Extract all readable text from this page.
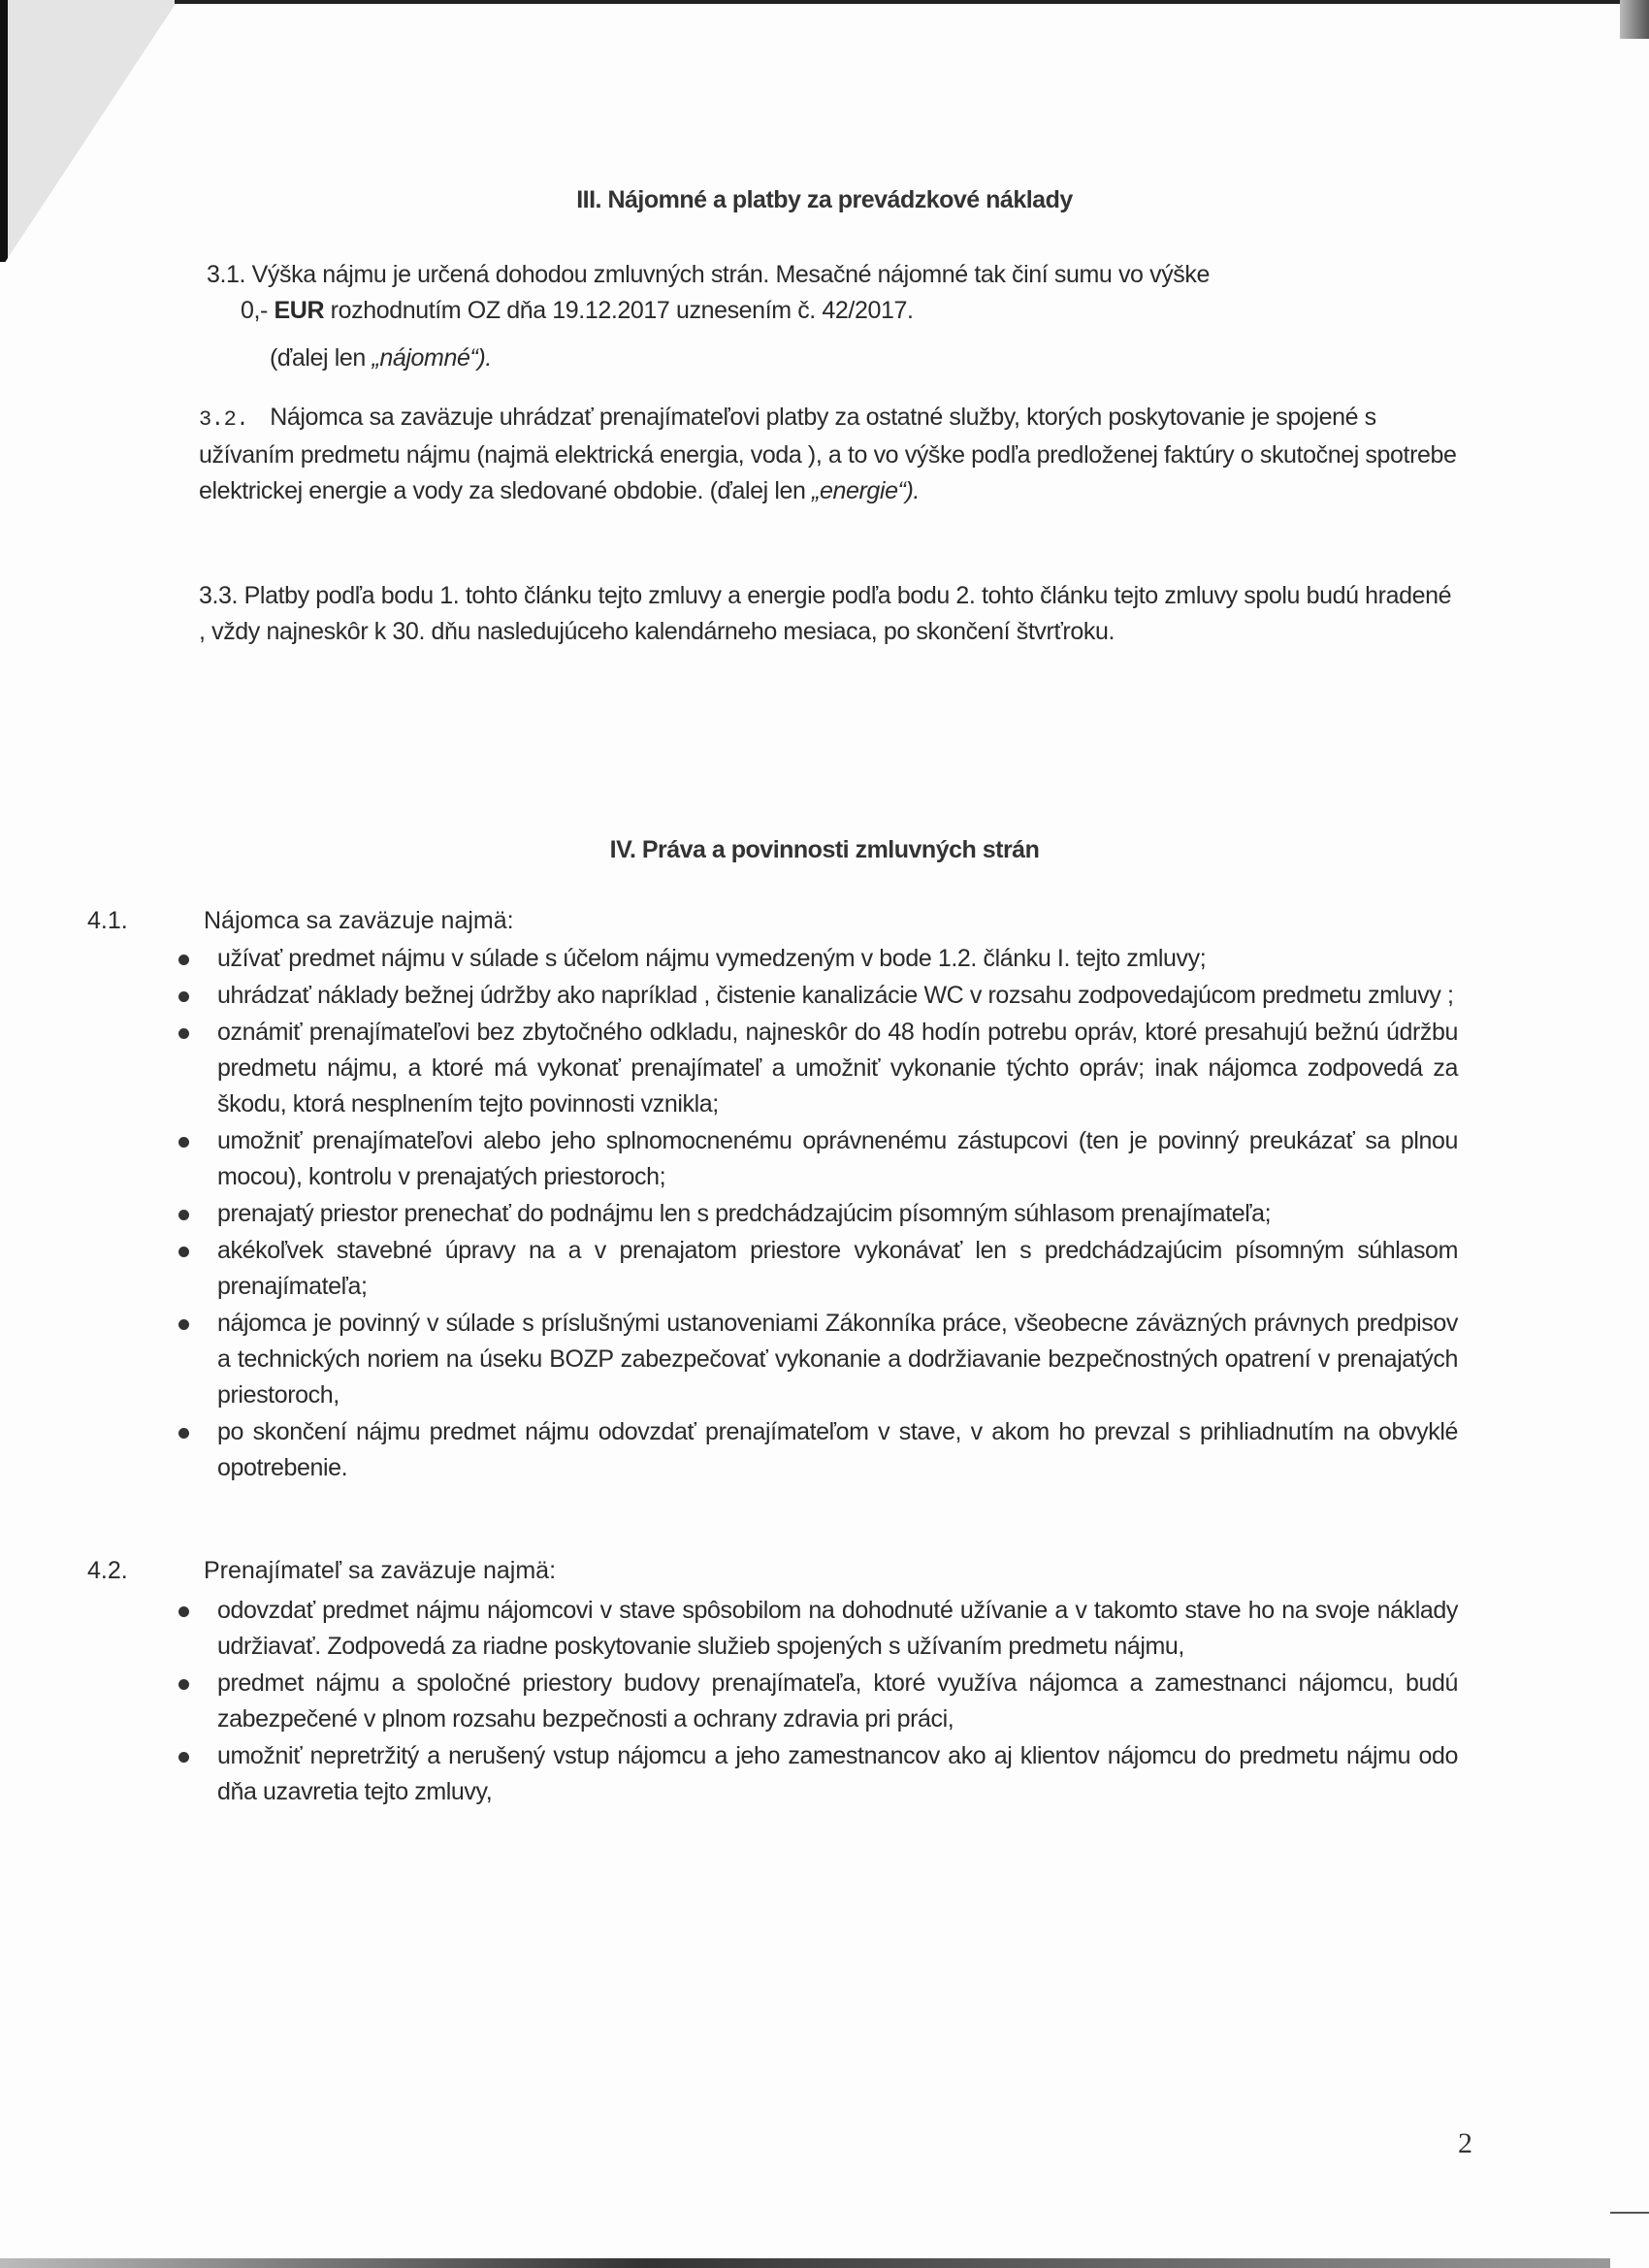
III. Nájomné a platby za prevádzkové náklady
3.1. Výška nájmu je určená dohodou zmluvných strán. Mesačné nájomné tak činí sumu vo výške
0,- EUR rozhodnutím OZ dňa 19.12.2017 uznesením č. 42/2017.
(ďalej len „nájomné“).
3.2. Nájomca sa zaväzuje uhrádzať prenajímateľovi platby za ostatné služby, ktorých poskytovanie je spojené s užívaním predmetu nájmu (najmä elektrická energia, voda ), a to vo výške podľa predloženej faktúry o skutočnej spotrebe elektrickej energie a vody za sledované obdobie. (ďalej len „energie“).
3.3. Platby podľa bodu 1. tohto článku tejto zmluvy a energie podľa bodu 2. tohto článku tejto zmluvy spolu budú hradené , vždy najneskôr k 30. dňu nasledujúceho kalendárneho mesiaca, po skončení štvrťroku.
IV. Práva a povinnosti zmluvných strán
4.1.	Nájomca sa zaväzuje najmä:
užívať predmet nájmu v súlade s účelom nájmu vymedzeným v bode 1.2. článku I. tejto zmluvy;
uhrádzať náklady bežnej údržby ako napríklad , čistenie kanalizácie WC v rozsahu zodpovedajúcom predmetu zmluvy ;
oznámiť prenajímateľovi bez zbytočného odkladu, najneskôr do 48 hodín potrebu opráv, ktoré presahujú bežnú údržbu predmetu nájmu, a ktoré má vykonať prenajímateľ a umožniť vykonanie týchto opráv; inak nájomca zodpovedá za škodu, ktorá nesplnením tejto povinnosti vznikla;
umožniť prenajímateľovi alebo jeho splnomocnenému oprávnenému zástupcovi (ten je povinný preukázať sa plnou mocou), kontrolu v prenajatých priestoroch;
prenajatý priestor prenechať do podnájmu len s predchádzajúcim písomným súhlasom prenajímateľa;
akékoľvek stavebné úpravy na a v prenajatom priestore vykonávať len s predchádzajúcim písomným súhlasom prenajímateľa;
nájomca je povinný v súlade s príslušnými ustanoveniami Zákonníka práce, všeobecne záväzných právnych predpisov a technických noriem na úseku BOZP zabezpečovať vykonanie a dodržiavanie bezpečnostných opatrení v prenajatých priestoroch,
po skončení nájmu predmet nájmu odovzdať prenajímateľom v stave, v akom ho prevzal s prihliadnutím na obvyklé opotrebenie.
4.2.	Prenajímateľ sa zaväzuje najmä:
odovzdať predmet nájmu nájomcovi v stave spôsobilom na dohodnuté užívanie a v takomto stave ho na svoje náklady udržiavať. Zodpovedá za riadne poskytovanie služieb spojených s užívaním predmetu nájmu,
predmet nájmu a spoločné priestory budovy prenajímateľa, ktoré využíva nájomca a zamestnanci nájomcu, budú zabezpečené v plnom rozsahu bezpečnosti a ochrany zdravia pri práci,
umožniť nepretržitý a nerušený vstup nájomcu a jeho zamestnancov ako aj klientov nájomcu do predmetu nájmu odo dňa uzavretia tejto zmluvy,
2
